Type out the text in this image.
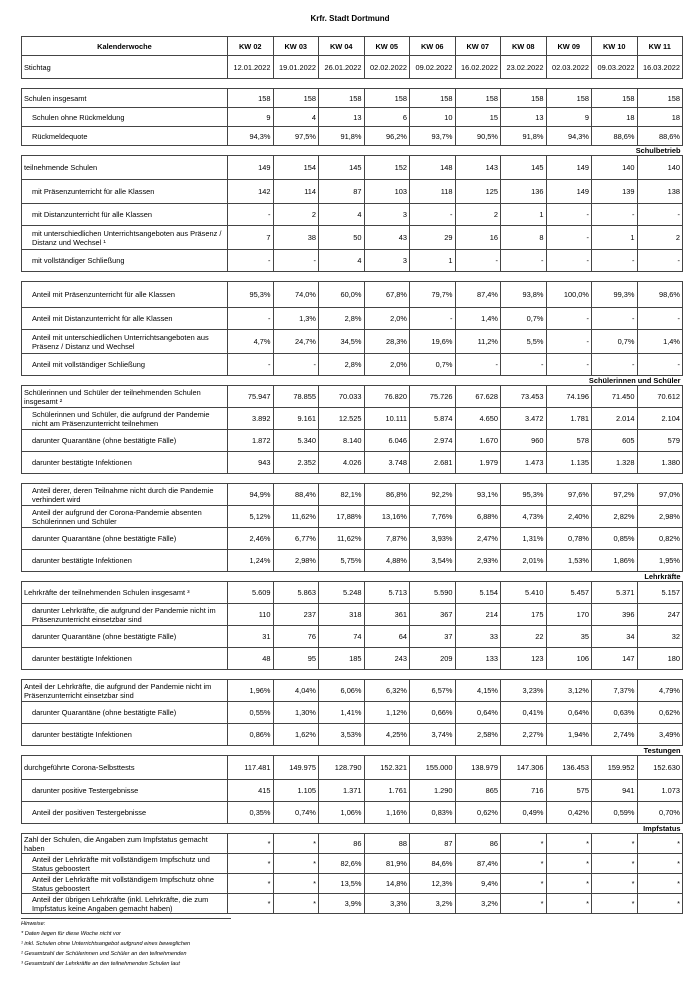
Krfr. Stadt Dortmund
Kalenderwoche	KW 02	KW 03	KW 04	KW 05	KW 06	KW 07	KW 08	KW 09	KW 10	KW 11
Stichtag	12.01.2022	19.01.2022	26.01.2022	02.02.2022	09.02.2022	16.02.2022	23.02.2022	02.03.2022	09.03.2022	16.03.2022

Schulen insgesamt	158	158	158	158	158	158	158	158	158	158
Schulen ohne Rückmeldung	9	4	13	6	10	15	13	9	18	18
Rückmeldequote	94,3%	97,5%	91,8%	96,2%	93,7%	90,5%	91,8%	94,3%	88,6%	88,6%
Schulbetrieb										
teilnehmende Schulen	149	154	145	152	148	143	145	149	140	140
mit Präsenzunterricht für alle Klassen	142	114	87	103	118	125	136	149	139	138
mit Distanzunterricht für alle Klassen	-	2	4	3	-	2	1	-	-	-
mit unterschiedlichen Unterrichtsangeboten aus Präsenz / Distanz und Wechsel ¹	7	38	50	43	29	16	8	-	1	2
mit vollständiger Schließung	-	-	4	3	1	-	-	-	-	-

Anteil mit Präsenzunterricht für alle Klassen	95,3%	74,0%	60,0%	67,8%	79,7%	87,4%	93,8%	100,0%	99,3%	98,6%
Anteil mit Distanzunterricht für alle Klassen	-	1,3%	2,8%	2,0%	-	1,4%	0,7%	-	-	-
Anteil mit unterschiedlichen Unterrichtsangeboten aus Präsenz / Distanz und Wechsel	4,7%	24,7%	34,5%	28,3%	19,6%	11,2%	5,5%	-	0,7%	1,4%
Anteil mit vollständiger Schließung	-	-	2,8%	2,0%	0,7%	-	-	-	-	-
Schülerinnen und Schüler										
Schülerinnen und Schüler der teilnehmenden Schulen insgesamt ²	75.947	78.855	70.033	76.820	75.726	67.628	73.453	74.196	71.450	70.612
Schülerinnen und Schüler, die aufgrund der Pandemie nicht am Präsenzunterricht teilnehmen	3.892	9.161	12.525	10.111	5.874	4.650	3.472	1.781	2.014	2.104
darunter Quarantäne (ohne bestätigte Fälle)	1.872	5.340	8.140	6.046	2.974	1.670	960	578	605	579
darunter bestätigte Infektionen	943	2.352	4.026	3.748	2.681	1.979	1.473	1.135	1.328	1.380

Anteil derer, deren Teilnahme nicht durch die Pandemie verhindert wird	94,9%	88,4%	82,1%	86,8%	92,2%	93,1%	95,3%	97,6%	97,2%	97,0%
Anteil der aufgrund der Corona-Pandemie absenten Schülerinnen und Schüler	5,12%	11,62%	17,88%	13,16%	7,76%	6,88%	4,73%	2,40%	2,82%	2,98%
darunter Quarantäne (ohne bestätigte Fälle)	2,46%	6,77%	11,62%	7,87%	3,93%	2,47%	1,31%	0,78%	0,85%	0,82%
darunter bestätigte Infektionen	1,24%	2,98%	5,75%	4,88%	3,54%	2,93%	2,01%	1,53%	1,86%	1,95%
Lehrkräfte										
Lehrkräfte der teilnehmenden Schulen insgesamt ³	5.609	5.863	5.248	5.713	5.590	5.154	5.410	5.457	5.371	5.157
darunter Lehrkräfte, die aufgrund der Pandemie nicht im Präsenzunterricht einsetzbar sind	110	237	318	361	367	214	175	170	396	247
darunter Quarantäne (ohne bestätigte Fälle)	31	76	74	64	37	33	22	35	34	32
darunter bestätigte Infektionen	48	95	185	243	209	133	123	106	147	180

Anteil der Lehrkräfte, die aufgrund der Pandemie nicht im Präsenzunterricht einsetzbar sind	1,96%	4,04%	6,06%	6,32%	6,57%	4,15%	3,23%	3,12%	7,37%	4,79%
darunter Quarantäne (ohne bestätigte Fälle)	0,55%	1,30%	1,41%	1,12%	0,66%	0,64%	0,41%	0,64%	0,63%	0,62%
darunter bestätigte Infektionen	0,86%	1,62%	3,53%	4,25%	3,74%	2,58%	2,27%	1,94%	2,74%	3,49%
Testungen										
durchgeführte Corona-Selbsttests	117.481	149.975	128.790	152.321	155.000	138.979	147.306	136.453	159.952	152.630
darunter positive Testergebnisse	415	1.105	1.371	1.761	1.290	865	716	575	941	1.073
Anteil der positiven Testergebnisse	0,35%	0,74%	1,06%	1,16%	0,83%	0,62%	0,49%	0,42%	0,59%	0,70%
Impfstatus										
Zahl der Schulen, die Angaben zum Impfstatus gemacht haben	*	*	86	88	87	86	*	*	*	*
Anteil der Lehrkräfte mit vollständigem Impfschutz und Status geboostert	*	*	82,6%	81,9%	84,6%	87,4%	*	*	*	*
Anteil der Lehrkräfte mit vollständigem Impfschutz ohne Status geboostert	*	*	13,5%	14,8%	12,3%	9,4%	*	*	*	*
Anteil der übrigen Lehrkräfte (inkl. Lehrkräfte, die zum Impfstatus keine Angaben gemacht haben)	*	*	3,9%	3,3%	3,2%	3,2%	*	*	*	*
Hinweise:
* Daten liegen für diese Woche nicht vor
¹ inkl. Schulen ohne Unterrichtsangebot aufgrund eines beweglichen
² Gesamtzahl der Schülerinnen und Schüler an den teilnehmenden
³ Gesamtzahl der Lehrkräfte an den teilnehmenden Schulen laut
